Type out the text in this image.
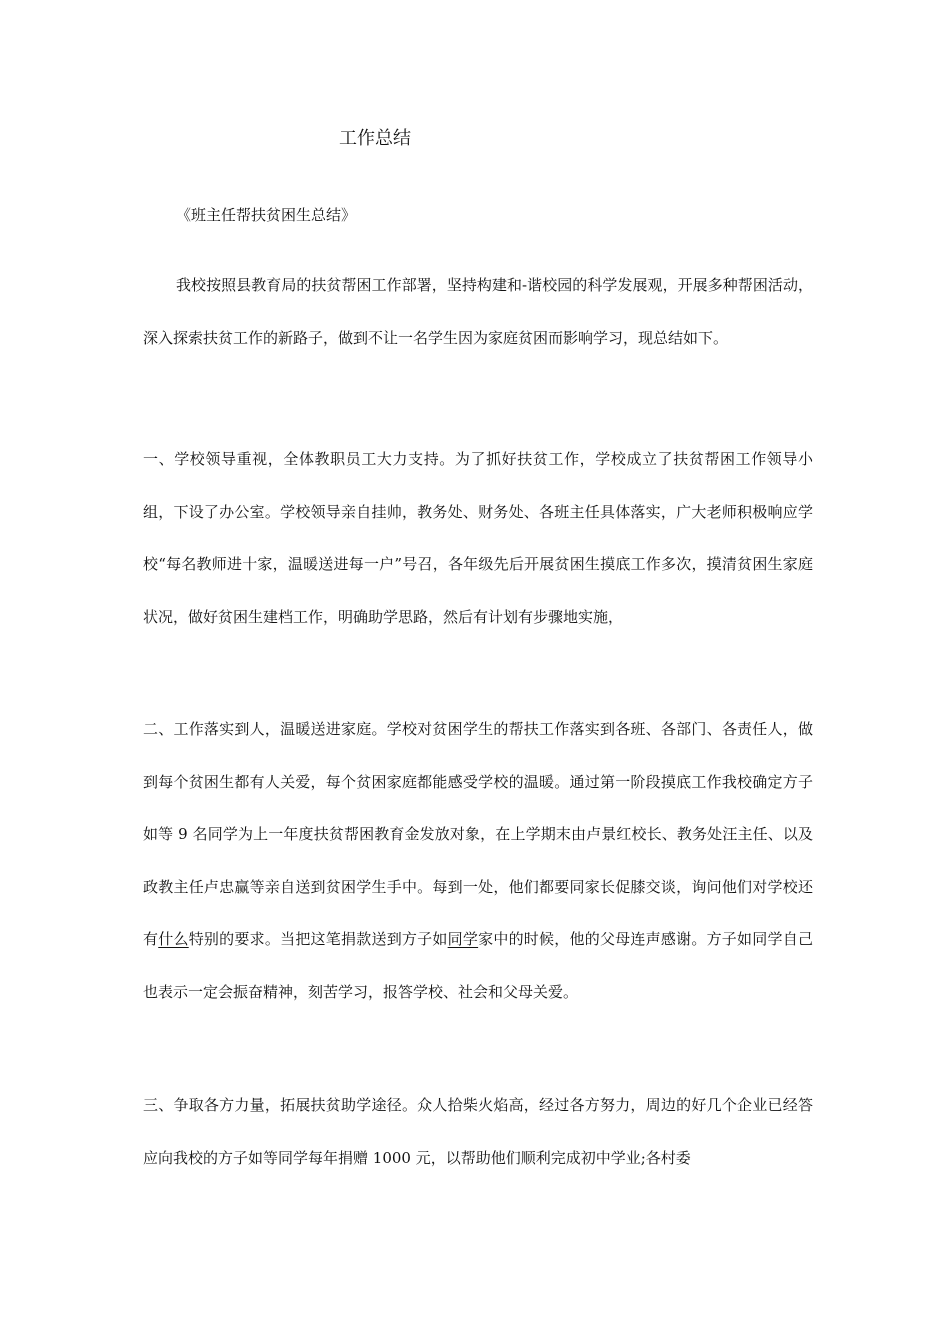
工作总结

《班主任帮扶贫困生总结》

我校按照县教育局的扶贫帮困工作部署，坚持构建和-谐校园的科学发展观，开展多种帮困活动，深入探索扶贫工作的新路子，做到不让一名学生因为家庭贫困而影响学习，现总结如下。

一、学校领导重视，全体教职员工大力支持。为了抓好扶贫工作，学校成立了扶贫帮困工作领导小组，下设了办公室。学校领导亲自挂帅，教务处、财务处、各班主任具体落实，广大老师积极响应学校“每名教师进十家，温暖送进每一户”号召，各年级先后开展贫困生摸底工作多次，摸清贫困生家庭状况，做好贫困生建档工作，明确助学思路，然后有计划有步骤地实施，

二、工作落实到人，温暖送进家庭。学校对贫困学生的帮扶工作落实到各班、各部门、各责任人，做到每个贫困生都有人关爱，每个贫困家庭都能感受学校的温暖。通过第一阶段摸底工作我校确定方子如等 9 名同学为上一年度扶贫帮困教育金发放对象，在上学期末由卢景红校长、教务处汪主任、以及政教主任卢忠赢等亲自送到贫困学生手中。每到一处，他们都要同家长促膝交谈，询问他们对学校还有什么特别的要求。当把这笔捐款送到方子如同学家中的时候，他的父母连声感谢。方子如同学自己也表示一定会振奋精神，刻苦学习，报答学校、社会和父母关爱。

三、争取各方力量，拓展扶贫助学途径。众人拾柴火焰高，经过各方努力，周边的好几个企业已经答应向我校的方子如等同学每年捐赠 1000 元，以帮助他们顺利完成初中学业;各村委
